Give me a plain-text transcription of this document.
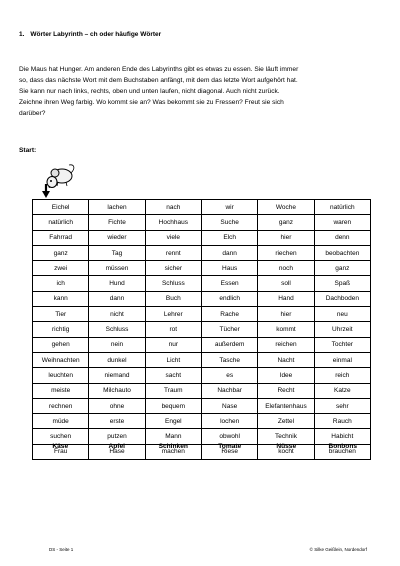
1. Wörter Labyrinth – ch oder häufige Wörter
Die Maus hat Hunger. Am anderen Ende des Labyrinths gibt es etwas zu essen. Sie läuft immer
so, dass das nächste Wort mit dem Buchstaben anfängt, mit dem das letzte Wort aufgehört hat.
Sie kann nur nach links, rechts, oben und unten laufen, nicht diagonal. Auch nicht zurück.
Zeichne ihren Weg farbig. Wo kommt sie an? Was bekommt sie zu Fressen? Freut sie sich
darüber?
Start:
Eichel	lachen	nach	wir	Woche	natürlich
natürlich	Fichte	Hochhaus	Suche	ganz	waren
Fahrrad	wieder	viele	Elch	hier	denn
ganz	Tag	rennt	dann	riechen	beobachten
zwei	müssen	sicher	Haus	noch	ganz
ich	Hund	Schluss	Essen	soll	Spaß
kann	dann	Buch	endlich	Hand	Dachboden
Tier	nicht	Lehrer	Rache	hier	neu
richtig	Schluss	rot	Tücher	kommt	Uhrzeit
gehen	nein	nur	außerdem	reichen	Tochter
Weihnachten	dunkel	Licht	Tasche	Nacht	einmal
leuchten	niemand	sacht	es	Idee	reich
meiste	Milchauto	Traum	Nachbar	Recht	Katze
rechnen	ohne	bequem	Nase	Elefantenhaus	sehr
müde	erste	Engel	lochen	Zettel	Rauch
suchen	putzen	Mann	obwohl	Technik	Habicht
Frau	Hase	machen	Riese	kocht	brauchen
Käse	Apfel	Schinken	Tomate	Nüsse	Bonbons
DS - Seite 1	© Silke Geißlein, Nordendorf
